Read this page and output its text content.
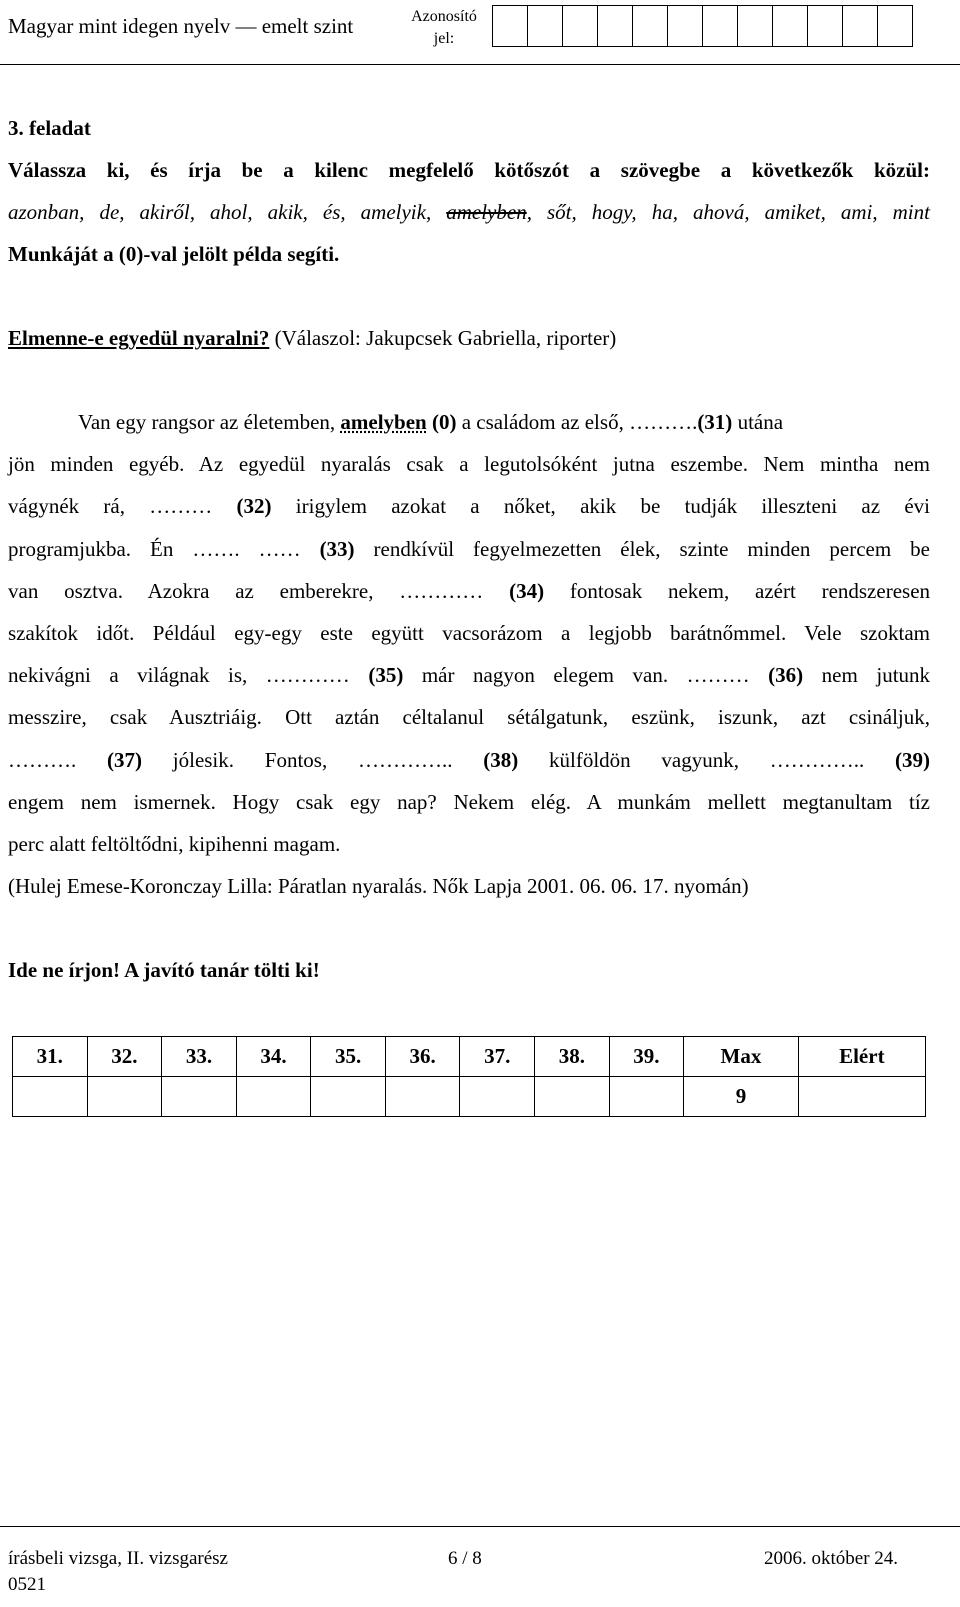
Magyar mint idegen nyelv — emelt szint	Azonosító
jel:
3. feladat
Válassza ki, és írja be a kilenc megfelelő kötőszót a szövegbe a következők közül:
azonban, de, akiről, ahol, akik, és, amelyik, amelyben, sőt, hogy, ha, ahová, amiket, ami, mint
Munkáját a (0)-val jelölt példa segíti.
Elmenne-e egyedül nyaralni? (Válaszol: Jakupcsek Gabriella, riporter)
Van egy rangsor az életemben, amelyben (0) a családom az első, ……….(31) utána
jön minden egyéb. Az egyedül nyaralás csak a legutolsóként jutna eszembe. Nem mintha nem
vágynék rá, ……… (32) irigylem azokat a nőket, akik be tudják illeszteni az évi
programjukba. Én ……. …… (33) rendkívül fegyelmezetten élek, szinte minden percem be
van osztva. Azokra az emberekre, ………… (34) fontosak nekem, azért rendszeresen
szakítok időt. Például egy-egy este együtt vacsorázom a legjobb barátnőmmel. Vele szoktam
nekivágni a világnak is, ………… (35) már nagyon elegem van. ……… (36) nem jutunk
messzire, csak Ausztriáig. Ott aztán céltalanul sétálgatunk, eszünk, iszunk, azt csináljuk,
………. (37) jólesik. Fontos, ………….. (38) külföldön vagyunk, ………….. (39)
engem nem ismernek. Hogy csak egy nap? Nekem elég. A munkám mellett megtanultam tíz
perc alatt feltöltődni, kipihenni magam.
(Hulej Emese-Koronczay Lilla: Páratlan nyaralás. Nők Lapja 2001. 06. 06. 17. nyomán)
Ide ne írjon! A javító tanár tölti ki!
31.	32.	33.	34.	35.	36.	37.	38.	39.	Max	Elért
									9	
írásbeli vizsga, II. vizsgarész	6 / 8	2006. október 24.
0521
